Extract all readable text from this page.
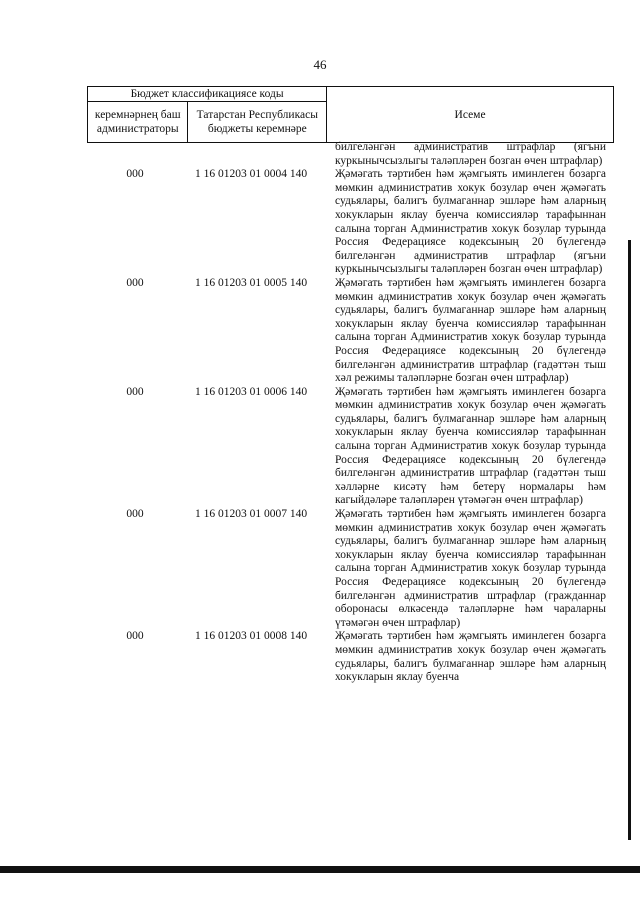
46
Бюджет классификациясе коды		Исеме
керемнәрнең баш администраторы	Татарстан Республикасы бюджеты керемнәре	
билгеләнгән административ штрафлар (ягъни куркынычсызлыгы таләпләрен бозган өчен штрафлар)
000	1 16 01203 01 0004 140	Җәмәгать тәртибен һәм җәмгыять иминлеген бозарга мөмкин административ хокук бозулар өчен җәмәгать судьялары, балигъ булмаганнар эшләре һәм аларның хокукларын яклау буенча комиссияләр тарафыннан салына торган Административ хокук бозулар турында Россия Федерациясе кодексының 20 бүлегендә билгеләнгән административ штрафлар (ягъни куркынычсызлыгы таләпләрен бозган өчен штрафлар)
000	1 16 01203 01 0005 140	Җәмәгать тәртибен һәм җәмгыять иминлеген бозарга мөмкин административ хокук бозулар өчен җәмәгать судьялары, балигъ булмаганнар эшләре һәм аларның хокукларын яклау буенча комиссияләр тарафыннан салына торган Административ хокук бозулар турында Россия Федерациясе кодексының 20 бүлегендә билгеләнгән административ штрафлар (гадәттән тыш хәл режимы таләпләрне бозган өчен штрафлар)
000	1 16 01203 01 0006 140	Җәмәгать тәртибен һәм җәмгыять иминлеген бозарга мөмкин административ хокук бозулар өчен җәмәгать судьялары, балигъ булмаганнар эшләре һәм аларның хокукларын яклау буенча комиссияләр тарафыннан салына торган Административ хокук бозулар турында Россия Федерациясе кодексының 20 бүлегендә билгеләнгән административ штрафлар (гадәттән тыш хәлләрне кисәтү һәм бетерү нормалары һәм кагыйдәләре таләпләрен үтәмәгән өчен штрафлар)
000	1 16 01203 01 0007 140	Җәмәгать тәртибен һәм җәмгыять иминлеген бозарга мөмкин административ хокук бозулар өчен җәмәгать судьялары, балигъ булмаганнар эшләре һәм аларның хокукларын яклау буенча комиссияләр тарафыннан салына торган Административ хокук бозулар турында Россия Федерациясе кодексының 20 бүлегендә билгеләнгән административ штрафлар (гражданнар оборонасы өлкәсендә таләпләрне һәм чараларны үтәмәгән өчен штрафлар)
000	1 16 01203 01 0008 140	Җәмәгать тәртибен һәм җәмгыять иминлеген бозарга мөмкин административ хокук бозулар өчен җәмәгать судьялары, балигъ булмаганнар эшләре һәм аларның хокукларын яклау буенча
